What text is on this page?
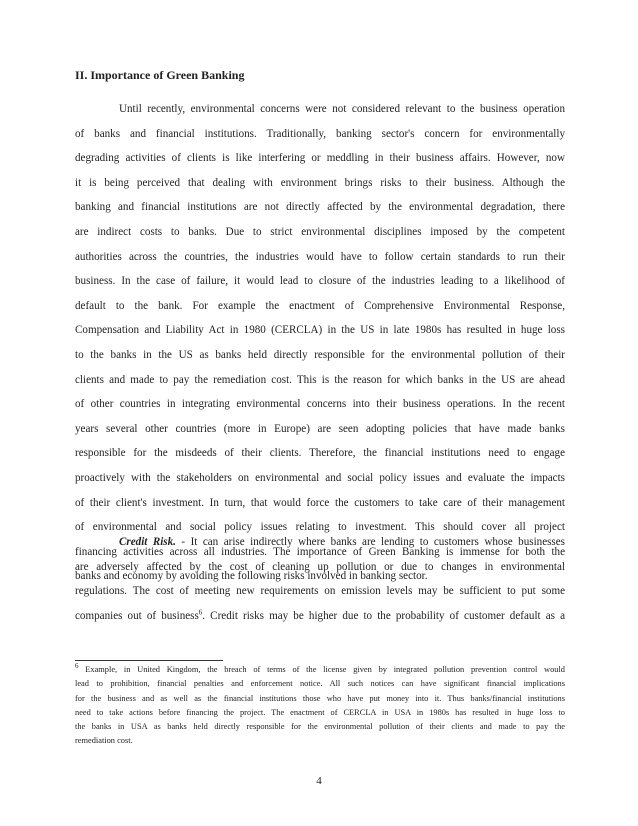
II. Importance of Green Banking
Until recently, environmental concerns were not considered relevant to the business operation
of banks and financial institutions. Traditionally, banking sector's concern for environmentally
degrading activities of clients is like interfering or meddling in their business affairs. However, now
it is being perceived that dealing with environment brings risks to their business. Although the
banking and financial institutions are not directly affected by the environmental degradation, there
are indirect costs to banks. Due to strict environmental disciplines imposed by the competent
authorities across the countries, the industries would have to follow certain standards to run their
business. In the case of failure, it would lead to closure of the industries leading to a likelihood of
default to the bank. For example the enactment of Comprehensive Environmental Response,
Compensation and Liability Act in 1980 (CERCLA) in the US in late 1980s has resulted in huge loss
to the banks in the US as banks held directly responsible for the environmental pollution of their
clients and made to pay the remediation cost. This is the reason for which banks in the US are ahead
of other countries in integrating environmental concerns into their business operations. In the recent
years several other countries (more in Europe) are seen adopting policies that have made banks
responsible for the misdeeds of their clients. Therefore, the financial institutions need to engage
proactively with the stakeholders on environmental and social policy issues and evaluate the impacts
of their client's investment. In turn, that would force the customers to take care of their management
of environmental and social policy issues relating to investment. This should cover all project
financing activities across all industries. The importance of Green Banking is immense for both the
banks and economy by avoiding the following risks involved in banking sector.
Credit Risk. - It can arise indirectly where banks are lending to customers whose businesses
are adversely affected by the cost of cleaning up pollution or due to changes in environmental
regulations. The cost of meeting new requirements on emission levels may be sufficient to put some
companies out of business$^6$. Credit risks may be higher due to the probability of customer default as a
$^6$ Example, in United Kingdom, the breach of terms of the license given by integrated pollution prevention control would
lead to prohibition, financial penalties and enforcement notice. All such notices can have significant financial implications
for the business and as well as the financial institutions those who have put money into it. Thus banks/financial institutions
need to take actions before financing the project. The enactment of CERCLA in USA in 1980s has resulted in huge loss to
the banks in USA as banks held directly responsible for the environmental pollution of their clients and made to pay the
remediation cost.
4
